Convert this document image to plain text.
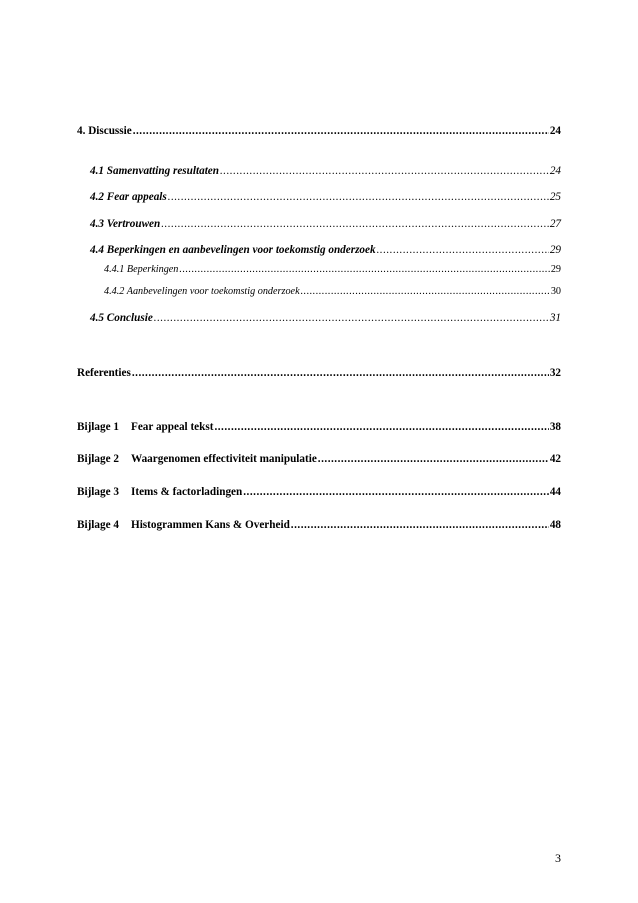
4. Discussie .....	24
4.1 Samenvatting resultaten .....	24
4.2 Fear appeals .....	25
4.3 Vertrouwen .....	27
4.4 Beperkingen en aanbevelingen voor toekomstig onderzoek .....	29
4.4.1 Beperkingen .....	29
4.4.2 Aanbevelingen voor toekomstig onderzoek .....	30
4.5 Conclusie .....	31
Referenties .....	32
Bijlage 1 Fear appeal tekst .....	38
Bijlage 2 Waargenomen effectiviteit manipulatie .....	42
Bijlage 3 Items & factorladingen .....	44
Bijlage 4 Histogrammen Kans & Overheid .....	48
3
